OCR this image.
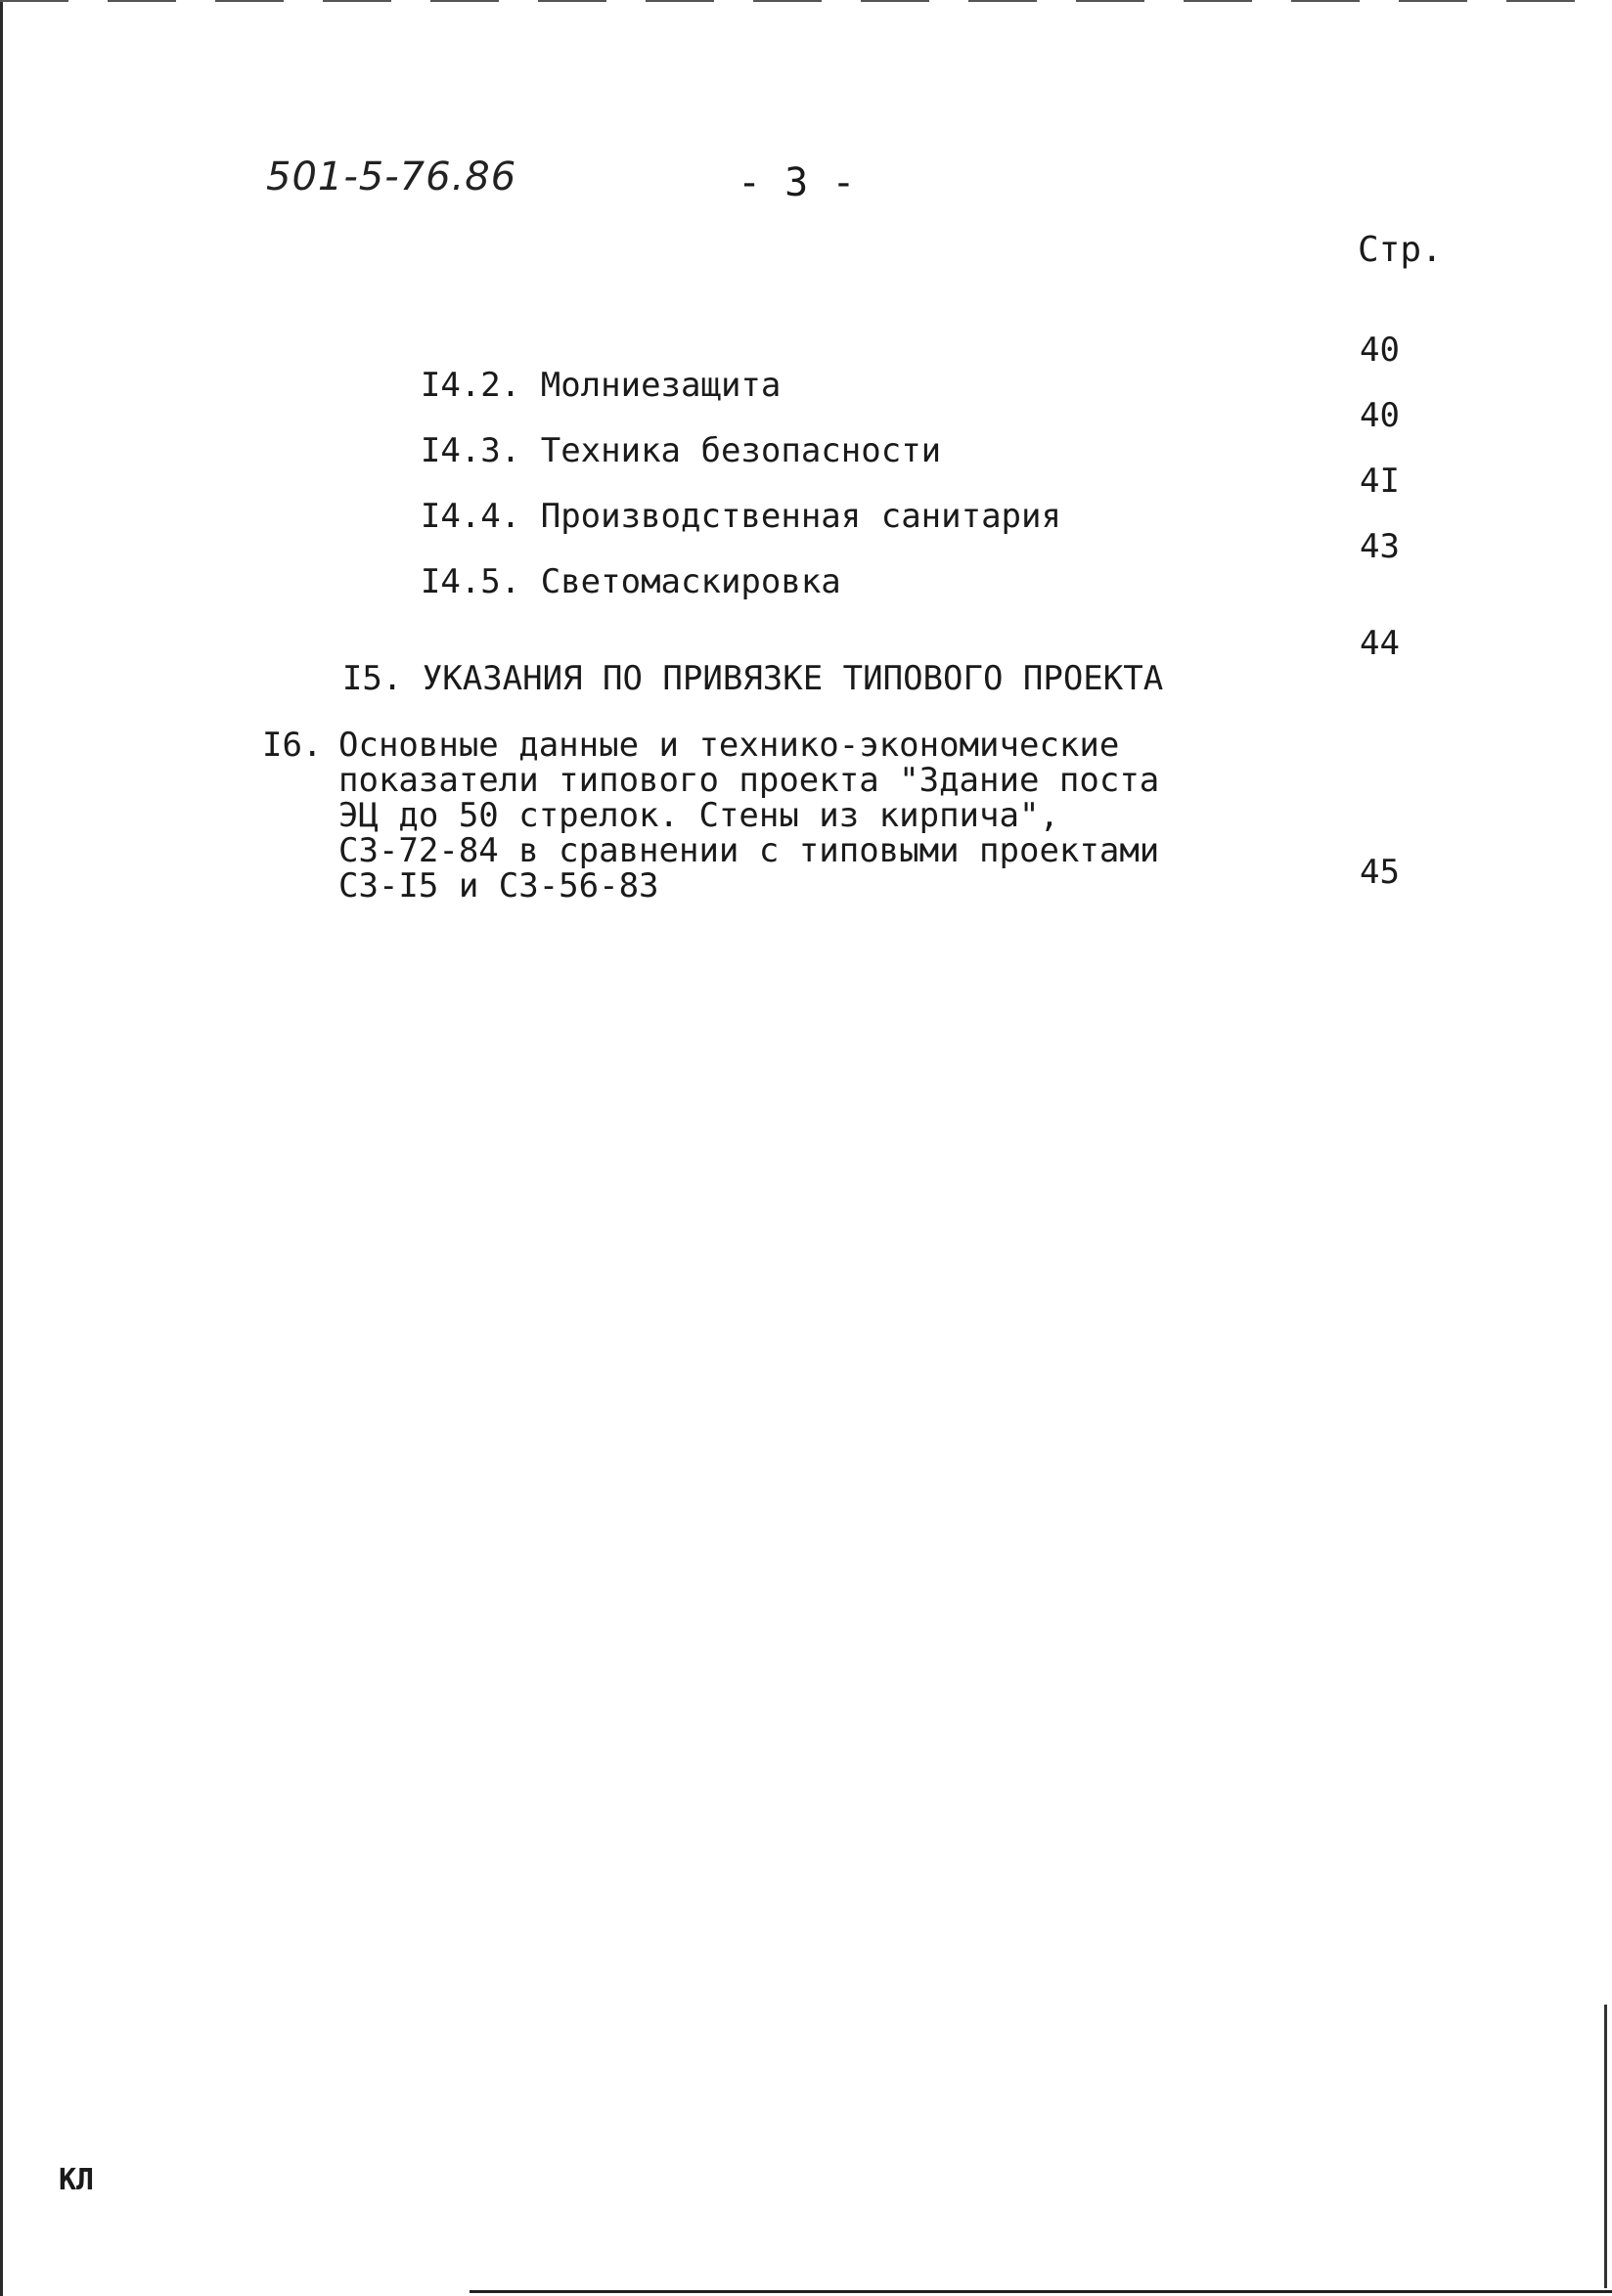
501-5-76.86	- 3 -
Стр.

I4.2. Молниезащита

40

I4.3. Техника безопасности

40

I4.4. Производственная санитария

4I

I4.5. Светомаскировка

43

I5. УКАЗАНИЯ ПО ПРИВЯЗКЕ ТИПОВОГО ПРОЕКТА

44
I6. Основные данные и технико-экономические
показатели типового проекта "Здание поста
ЭЦ до 50 стрелок. Стены из кирпича",
СЗ-72-84 в сравнении с типовыми проектами
СЗ-I5 и СЗ-56-83	45
КЛ
